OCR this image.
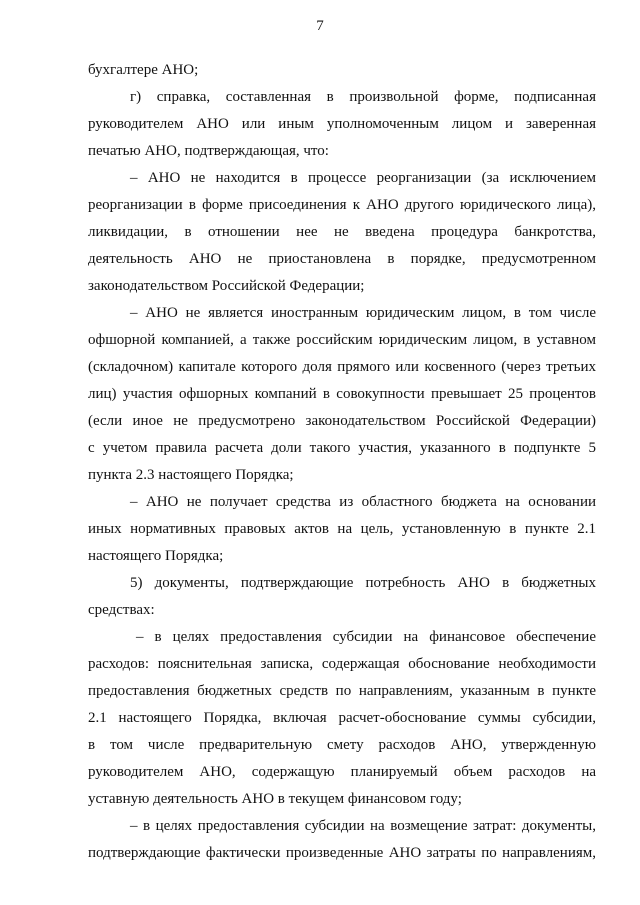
7
бухгалтере АНО;
г) справка, составленная в произвольной форме, подписанная
руководителем АНО или иным уполномоченным лицом и заверенная
печатью АНО, подтверждающая, что:
– АНО не находится в процессе реорганизации (за исключением
реорганизации в форме присоединения к АНО другого юридического лица),
ликвидации, в отношении нее не введена процедура банкротства,
деятельность АНО не приостановлена в порядке, предусмотренном
законодательством Российской Федерации;
– АНО не является иностранным юридическим лицом, в том числе
офшорной компанией, а также российским юридическим лицом, в уставном
(складочном) капитале которого доля прямого или косвенного (через третьих
лиц) участия офшорных компаний в совокупности превышает 25 процентов
(если иное не предусмотрено законодательством Российской Федерации)
с учетом правила расчета доли такого участия, указанного в подпункте 5
пункта 2.3 настоящего Порядка;
– АНО не получает средства из областного бюджета на основании
иных нормативных правовых актов на цель, установленную в пункте 2.1
настоящего Порядка;
5) документы, подтверждающие потребность АНО в бюджетных
средствах:
– в целях предоставления субсидии на финансовое обеспечение
расходов: пояснительная записка, содержащая обоснование необходимости
предоставления бюджетных средств по направлениям, указанным в пункте
2.1 настоящего Порядка, включая расчет-обоснование суммы субсидии,
в том числе предварительную смету расходов АНО, утвержденную
руководителем АНО, содержащую планируемый объем расходов на
уставную деятельность АНО в текущем финансовом году;
– в целях предоставления субсидии на возмещение затрат: документы,
подтверждающие фактически произведенные АНО затраты по направлениям,
